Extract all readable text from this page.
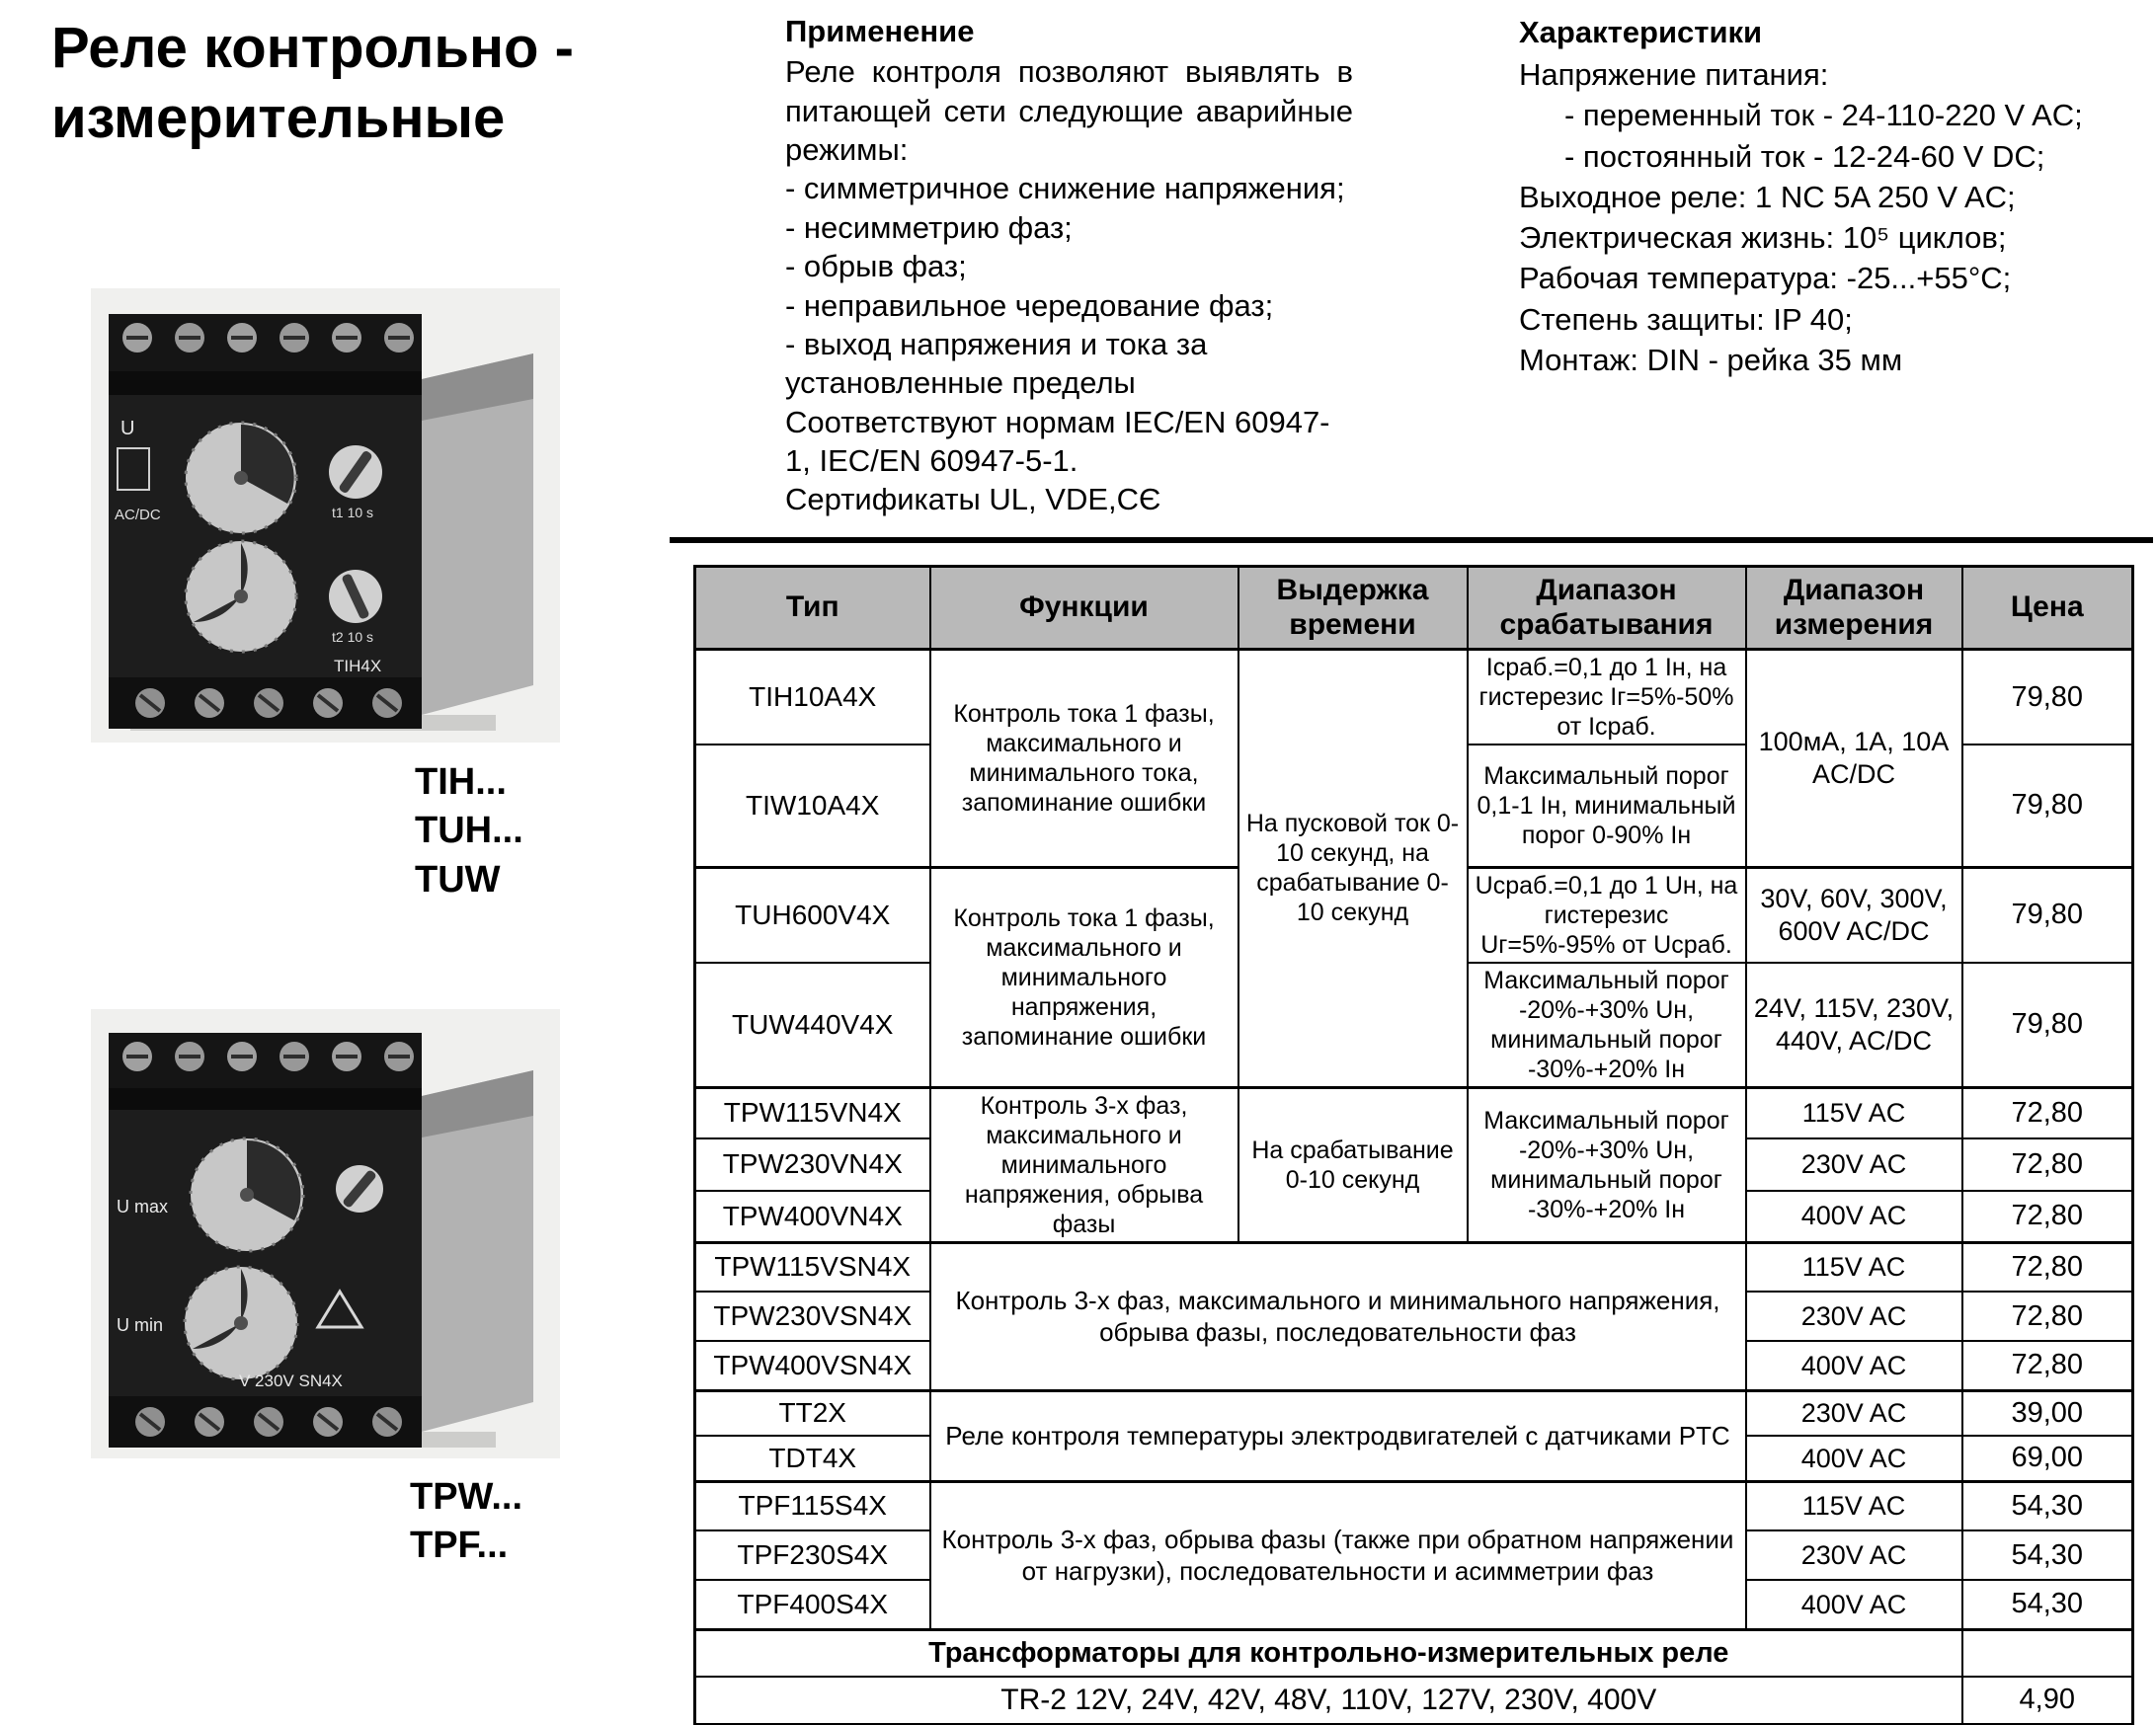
Реле контрольно -
измерительные
Применение
Реле контроля позволяют выявлять в питающей сети следующие аварийные режимы:
- симметричное снижение напряжения;
- несимметрию фаз;
- обрыв фаз;
- неправильное чередование фаз;
- выход напряжения и тока за установленные пределы
Соответствуют нормам IEC/EN 60947-1, IEC/EN 60947-5-1.
Сертификаты UL, VDE,CЄ
Характеристики
Напряжение питания:
- переменный ток - 24-110-220 V AC;
- постоянный ток - 12-24-60 V DC;
Выходное реле: 1 NC 5A 250 V AC;
Электрическая жизнь: 10⁵ циклов;
Рабочая температура: -25...+55°С;
Степень защиты: IP 40;
Монтаж: DIN - рейка 35 мм
U
AC/DC	t1 10 s
t2 10 s
TIH4X
TIH...
TUH...
TUW
U max
U min
V 230V SN4X
TPW...
TPF...
Тип	Функции	Выдержка времени	Диапазон срабатывания	Диапазон измерения	Цена
TIH10A4X	Контроль тока 1 фазы, максимального и минимального тока, запоминание ошибки	На пусковой ток 0-10 секунд, на срабатывание 0-10 секунд	Iсраб.=0,1 до 1 Iн, на гистерезис Iг=5%-50% от Iсраб.	100мА, 1А, 10А AC/DC	79,80
TIW10A4X			Максимальный порог 0,1-1 Iн, минимальный порог 0-90% Iн		79,80
TUH600V4X	Контроль тока 1 фазы, максимального и минимального напряжения, запоминание ошибки		Uсраб.=0,1 до 1 Uн, на гистерезис Uг=5%-95% от Uсраб.	30V, 60V, 300V, 600V AC/DC	79,80
TUW440V4X			Максимальный порог -20%-+30% Uн, минимальный порог -30%-+20% Iн	24V, 115V, 230V, 440V, AC/DC	79,80
TPW115VN4X	Контроль 3-х фаз, максимального и минимального напряжения, обрыва фазы	На срабатывание 0-10 секунд	Максимальный порог -20%-+30% Uн, минимальный порог -30%-+20% Iн	115V AC	72,80
TPW230VN4X				230V AC	72,80
TPW400VN4X				400V AC	72,80
TPW115VSN4X	Контроль 3-х фаз, максимального и минимального напряжения, обрыва фазы, последовательности фаз			115V AC	72,80
TPW230VSN4X				230V AC	72,80
TPW400VSN4X				400V AC	72,80
TT2X	Реле контроля температуры электродвигателей с датчиками PTC			230V AC	39,00
TDT4X				400V AC	69,00
TPF115S4X	Контроль 3-х фаз, обрыва фазы (также при обратном напряжении от нагрузки), последовательности и асимметрии фаз			115V AC	54,30
TPF230S4X				230V AC	54,30
TPF400S4X				400V AC	54,30
Трансформаторы для контрольно-измерительных реле					
TR-2 12V, 24V, 42V, 48V, 110V, 127V, 230V, 400V					4,90
